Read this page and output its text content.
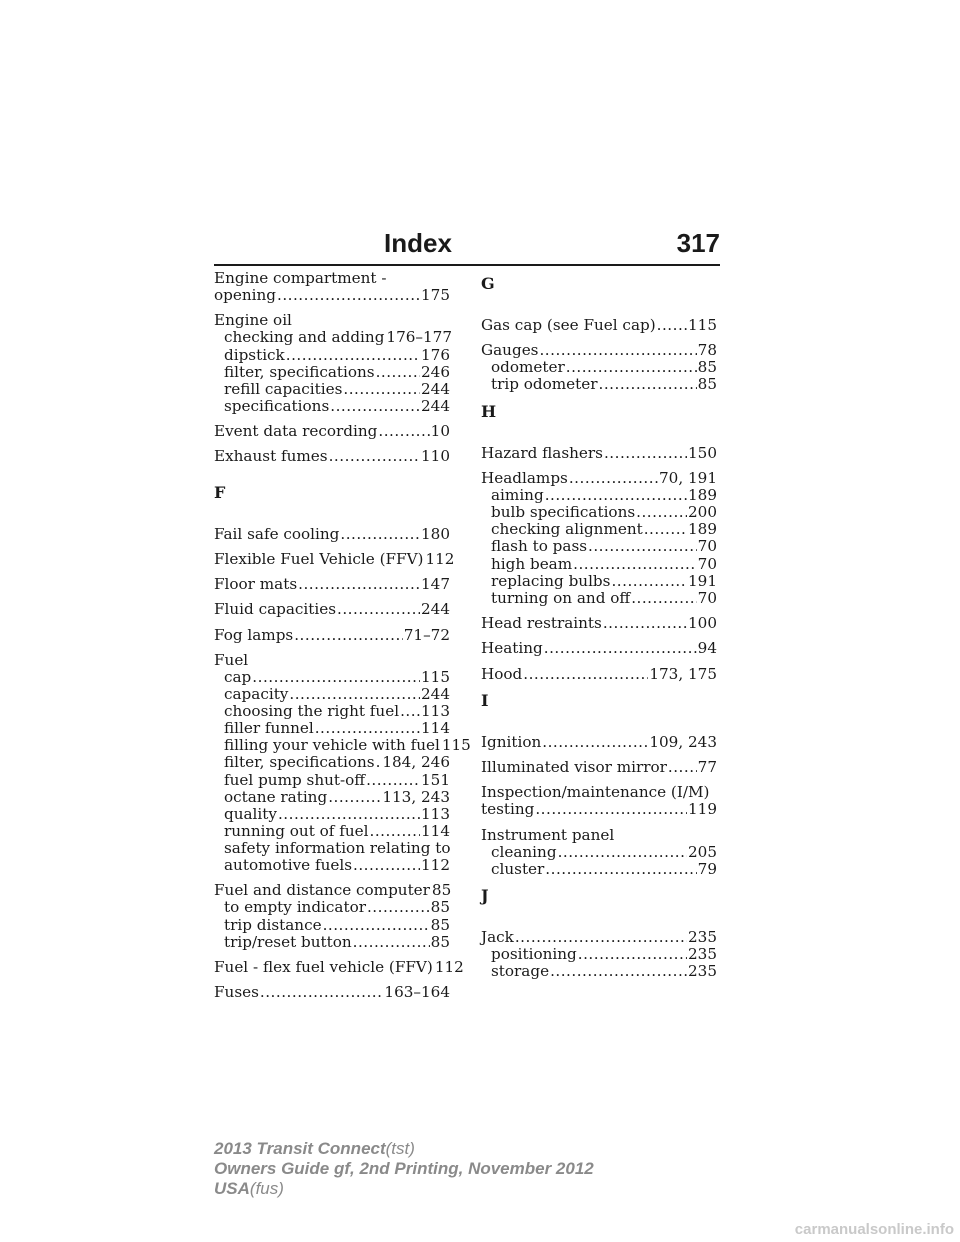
Index	317
Engine compartment -
opening .....	175
Engine oil
checking and adding 176–177
dipstick .....	176
filter, specifications .....	246
refill capacities .....	244
specifications .....	244
Event data recording .....	10
Exhaust fumes .....	110
F
Fail safe cooling .....	180
Flexible Fuel Vehicle (FFV) 112
Floor mats .....	147
Fluid capacities .....	244
Fog lamps .....	71–72
Fuel
cap .....	115
capacity .....	244
choosing the right fuel ..... 113
filler funnel .....	114
filling your vehicle with fuel 115
filter, specifications ..... 184, 246
fuel pump shut-off .....	151
octane rating .....	113, 243
quality .....	113
running out of fuel .....	114
safety information relating to
automotive fuels .....	112
Fuel and distance computer 85
to empty indicator .....	85
trip distance .....	85
trip/reset button .....	85
Fuel - flex fuel vehicle (FFV) 112
Fuses .....	163–164
G
Gas cap (see Fuel cap) ..... 115
Gauges .....	78
odometer .....	85
trip odometer .....	85
H
Hazard flashers .....	150
Headlamps .....	70, 191
aiming .....	189
bulb specifications .....	200
checking alignment .....	189
flash to pass .....	70
high beam .....	70
replacing bulbs .....	191
turning on and off .....	70
Head restraints .....	100
Heating .....	94
Hood .....	173, 175
I
Ignition .....	109, 243
Illuminated visor mirror ..... 77
Inspection/maintenance (I/M)
testing .....	119
Instrument panel
cleaning .....	205
cluster .....	79
J
Jack .....	235
positioning .....	235
storage .....	235
2013 Transit Connect(tst)
Owners Guide gf, 2nd Printing, November 2012
USA(fus)
carmanualsonline.info
